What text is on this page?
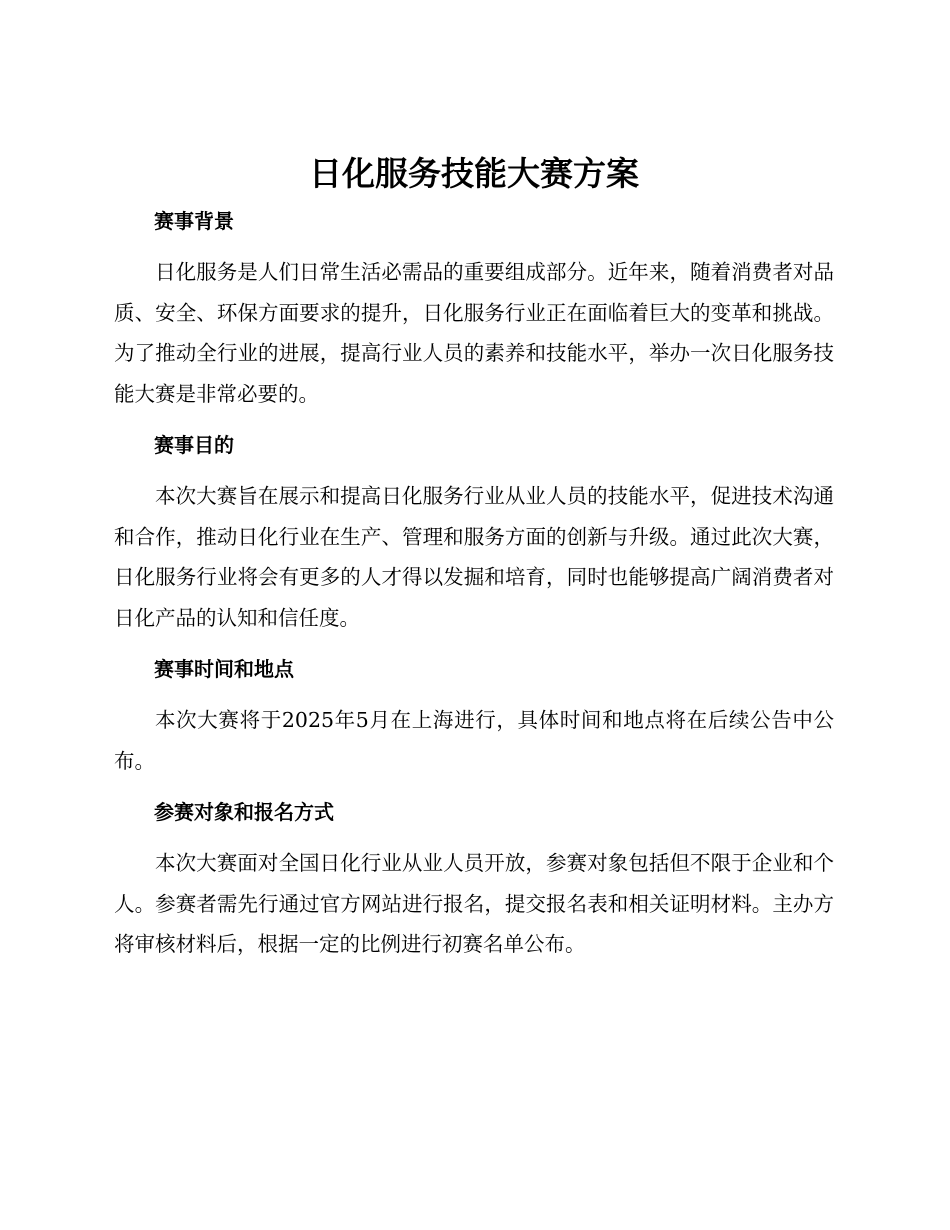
日化服务技能大赛方案
赛事背景

日化服务是人们日常生活必需品的重要组成部分。近年来，随着消费者对品质、安全、环保方面要求的提升，日化服务行业正在面临着巨大的变革和挑战。为了推动全行业的进展，提高行业人员的素养和技能水平，举办一次日化服务技能大赛是非常必要的。

赛事目的

本次大赛旨在展示和提高日化服务行业从业人员的技能水平，促进技术沟通和合作，推动日化行业在生产、管理和服务方面的创新与升级。通过此次大赛，日化服务行业将会有更多的人才得以发掘和培育，同时也能够提高广阔消费者对日化产品的认知和信任度。

赛事时间和地点

本次大赛将于2025年5月在上海进行，具体时间和地点将在后续公告中公布。

参赛对象和报名方式

本次大赛面对全国日化行业从业人员开放，参赛对象包括但不限于企业和个人。参赛者需先行通过官方网站进行报名，提交报名表和相关证明材料。主办方将审核材料后，根据一定的比例进行初赛名单公布。
